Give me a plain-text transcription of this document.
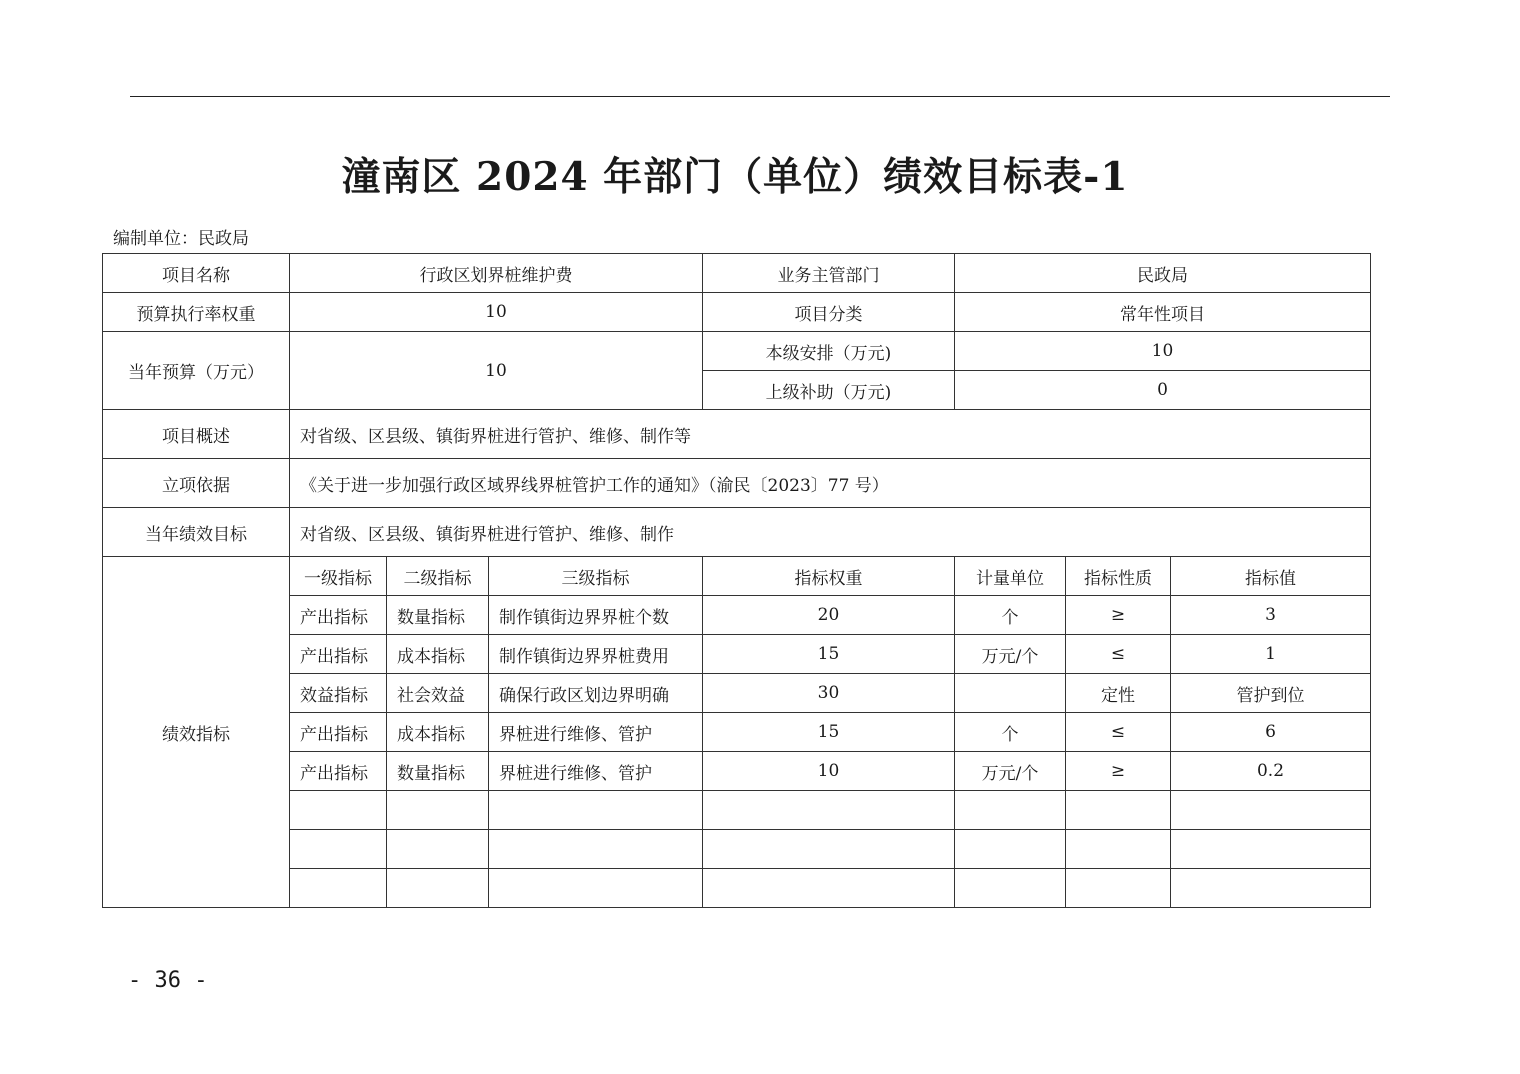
潼南区 2024 年部门（单位）绩效目标表-1
编制单位：民政局
项目名称	行政区划界桩维护费			业务主管部门	民政局			
预算执行率权重	10			项目分类	常年性项目			
当年预算（万元）	10			本级安排（万元)	10			
				上级补助（万元)	0			
项目概述	对省级、区县级、镇街界桩进行管护、维修、制作等							
立项依据	《关于进一步加强行政区域界线界桩管护工作的通知》（渝民〔2023〕77 号）							
当年绩效目标	对省级、区县级、镇街界桩进行管护、维修、制作							
绩效指标	一级指标	二级指标	三级指标	指标权重	计量单位	指标性质	指标值	
	产出指标	数量指标	制作镇街边界界桩个数	20	个	≥	3	
	产出指标	成本指标	制作镇街边界界桩费用	15	万元/个	≤	1	
	效益指标	社会效益	确保行政区划边界明确	30		定性	管护到位	
	产出指标	成本指标	界桩进行维修、管护	15	个	≤	6	
	产出指标	数量指标	界桩进行维修、管护	10	万元/个	≥	0.2	

- 36 -
